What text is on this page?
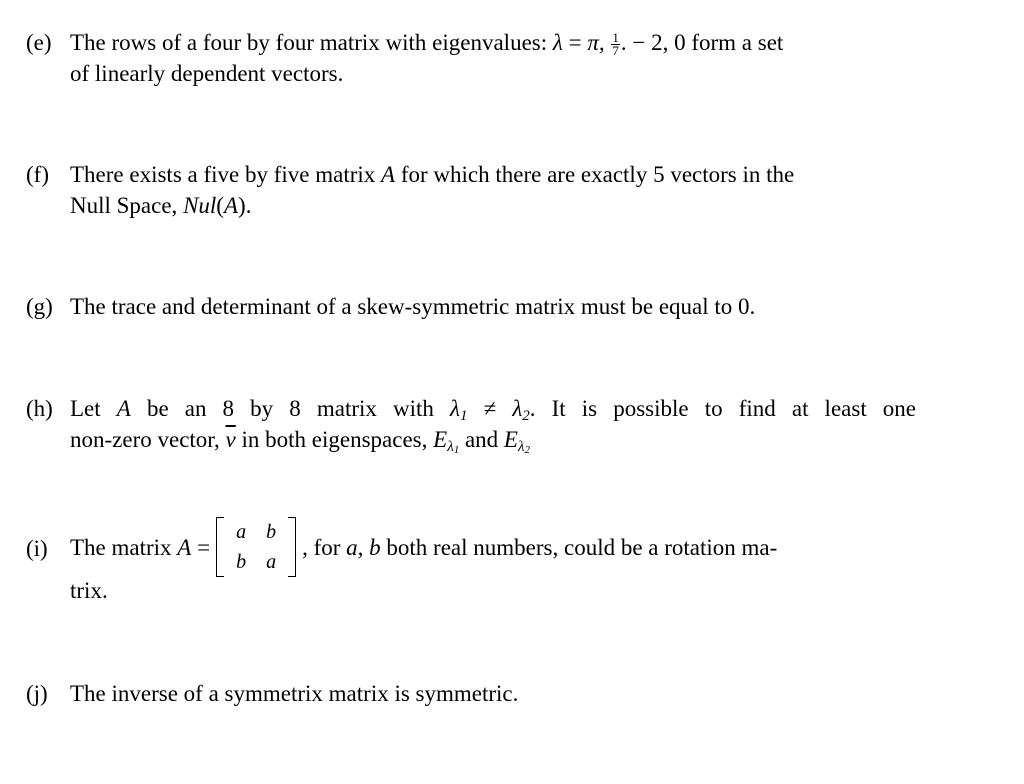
(e) The rows of a four by four matrix with eigenvalues: λ = π, $\frac{1}{7}$ . − 2, 0 form a set
of linearly dependent vectors.
(f) There exists a five by five matrix A for which there are exactly 5 vectors in the
Null Space, Nul(A).
(g) The trace and determinant of a skew-symmetric matrix must be equal to 0.
(h) Let A be an 8 by 8 matrix with $\lambda_1 \ne \lambda_2$. It is possible to find at least one
non-zero vector, $\overline{v}$ in both eigenspaces, $E_{\lambda_1}$ and $E_{\lambda_2}$
(i) The matrix
A
=
a	b
b	a
, for
a, b
both real numbers, could be a rotation ma-
trix.
(j) The inverse of a symmetrix matrix is symmetric.
